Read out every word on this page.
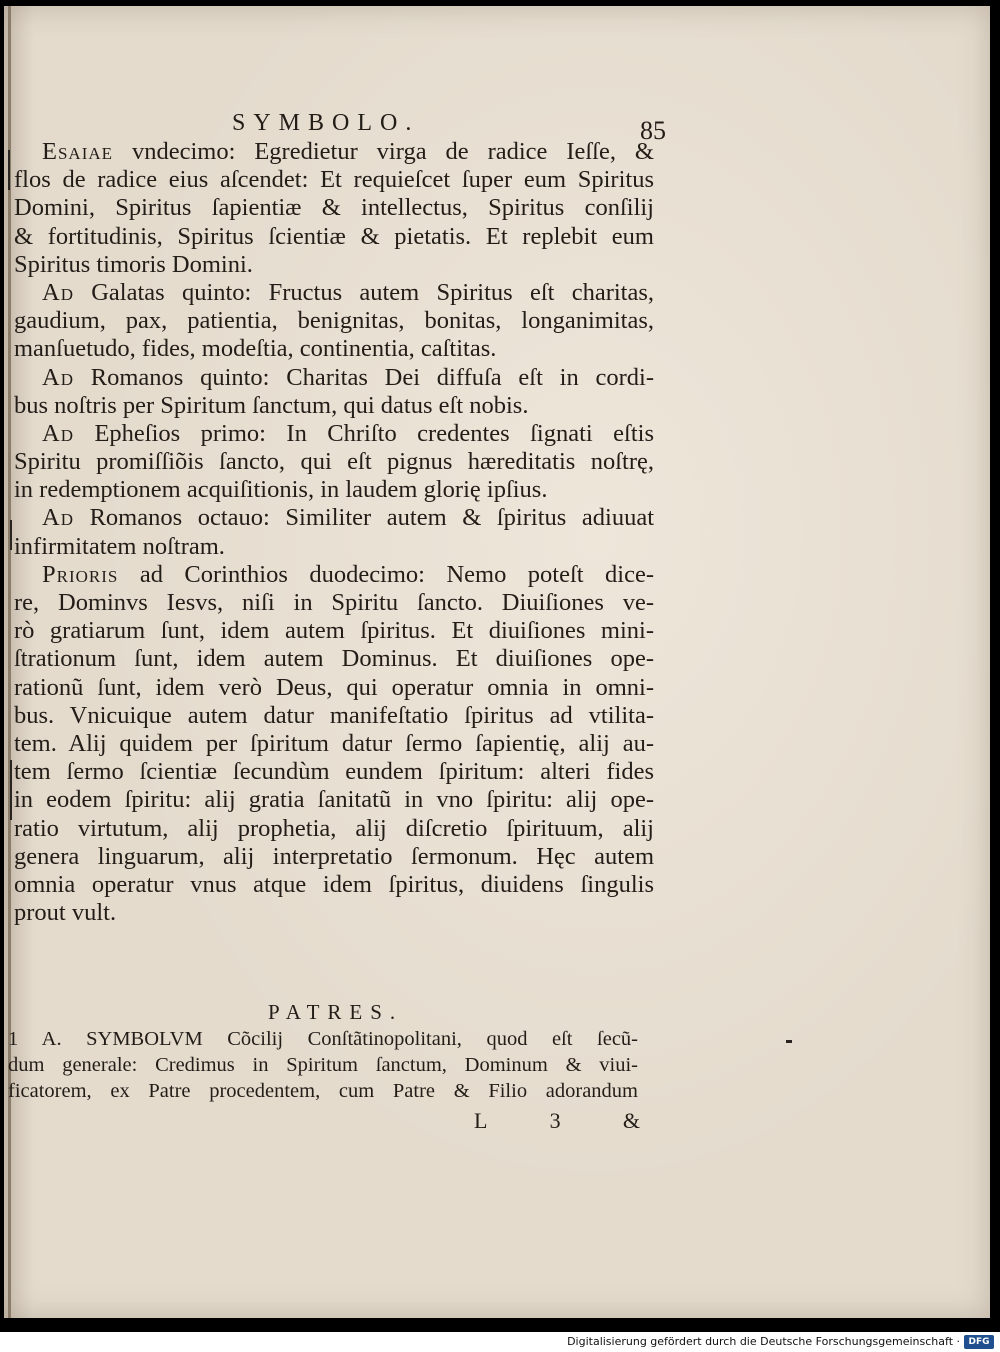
SYMBOLO.	85
Esaiae vndecimo: Egredietur virga de radice Ieſſe, &
flos de radice eius aſcendet: Et requieſcet ſuper eum Spiritus
Domini, Spiritus ſapientiæ & intellectus, Spiritus conſilij
& fortitudinis, Spiritus ſcientiæ & pietatis. Et replebit eum
Spiritus timoris Domini.
Ad Galatas quinto: Fructus autem Spiritus eſt charitas,
gaudium, pax, patientia, benignitas, bonitas, longanimitas,
manſuetudo, fides, modeſtia, continentia, caſtitas.
Ad Romanos quinto: Charitas Dei diffuſa eſt in cordi-
bus noſtris per Spiritum ſanctum, qui datus eſt nobis.
Ad Epheſios primo: In Chriſto credentes ſignati eſtis
Spiritu promiſſiõis ſancto, qui eſt pignus hæreditatis noſtrę,
in redemptionem acquiſitionis, in laudem glorię ipſius.
Ad Romanos octauo: Similiter autem & ſpiritus adiuuat
infirmitatem noſtram.
Prioris ad Corinthios duodecimo: Nemo poteſt dice-
re, Dominvs Iesvs, niſi in Spiritu ſancto. Diuiſiones ve-
rò gratiarum ſunt, idem autem ſpiritus. Et diuiſiones mini-
ſtrationum ſunt, idem autem Dominus. Et diuiſiones ope-
rationũ ſunt, idem verò Deus, qui operatur omnia in omni-
bus. Vnicuique autem datur manifeſtatio ſpiritus ad vtilita-
tem. Alij quidem per ſpiritum datur ſermo ſapientię, alij au-
tem ſermo ſcientiæ ſecundùm eundem ſpiritum: alteri fides
in eodem ſpiritu: alij gratia ſanitatũ in vno ſpiritu: alij ope-
ratio virtutum, alij prophetia, alij diſcretio ſpirituum, alij
genera linguarum, alij interpretatio ſermonum. Hęc autem
omnia operatur vnus atque idem ſpiritus, diuidens ſingulis
prout vult.
PATRES.
1 A. SYMBOLVM Cõcilij Conſtãtinopolitani, quod eſt ſecũ-
dum generale: Credimus in Spiritum ſanctum, Dominum & viui-
ficatorem, ex Patre procedentem, cum Patre & Filio adorandum
L	3	&
Digitalisierung gefördert durch die Deutsche Forschungsgemeinschaft · DFG
